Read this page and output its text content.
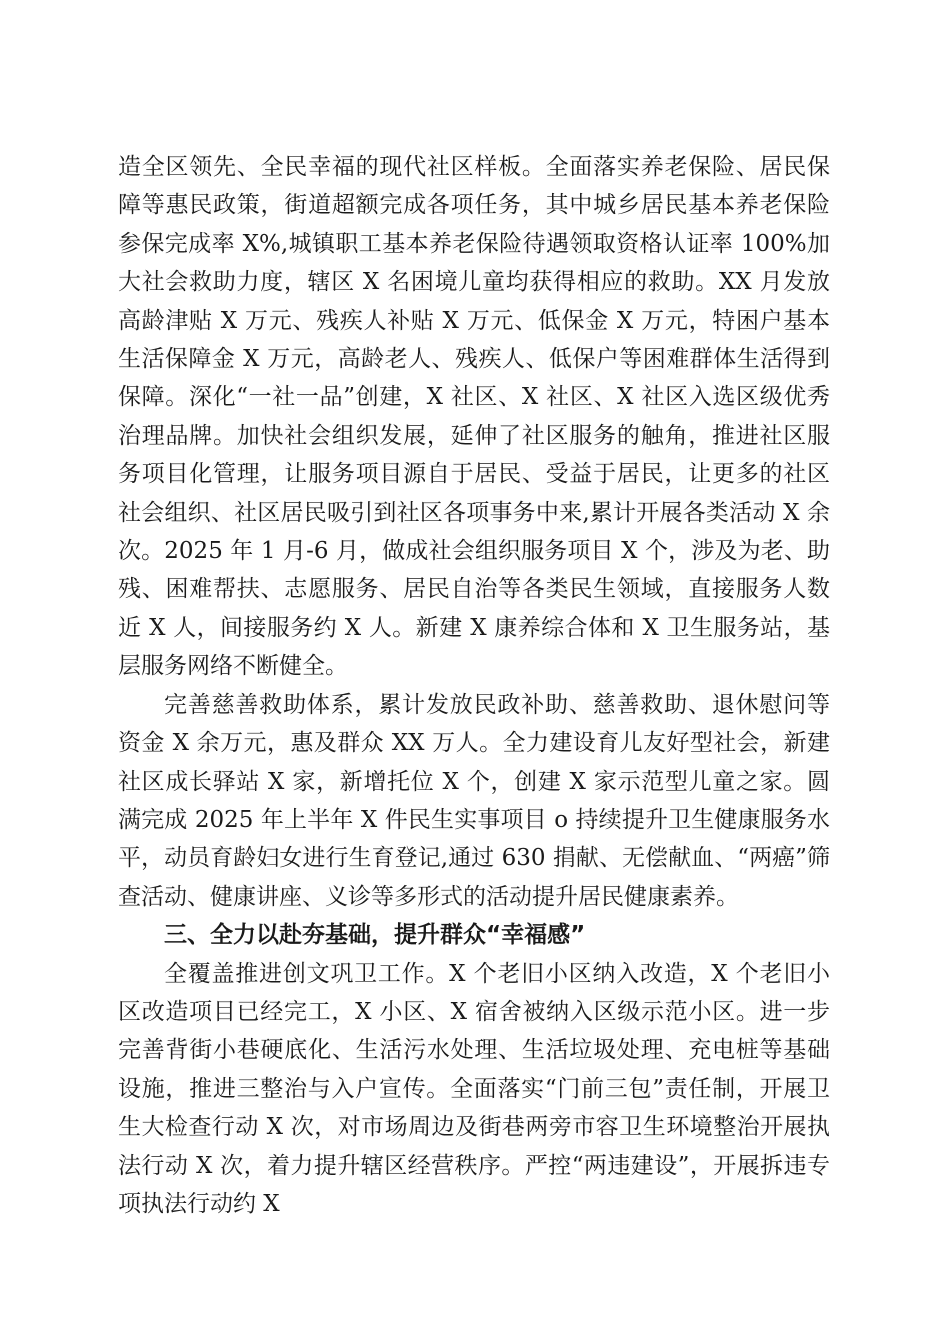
造全区领先、全民幸福的现代社区样板。全面落实养老保险、居民保障等惠民政策，街道超额完成各项任务，其中城乡居民基本养老保险参保完成率 X%,城镇职工基本养老保险待遇领取资格认证率 100%加大社会救助力度，辖区 X 名困境儿童均获得相应的救助。XX 月发放高龄津贴 X 万元、残疾人补贴 X 万元、低保金 X 万元，特困户基本生活保障金 X 万元，高龄老人、残疾人、低保户等困难群体生活得到保障。深化“一社一品”创建，X 社区、X 社区、X 社区入选区级优秀治理品牌。加快社会组织发展，延伸了社区服务的触角，推进社区服务项目化管理，让服务项目源自于居民、受益于居民，让更多的社区社会组织、社区居民吸引到社区各项事务中来,累计开展各类活动 X 余次。2025 年 1 月-6 月，做成社会组织服务项目 X 个，涉及为老、助残、困难帮扶、志愿服务、居民自治等各类民生领域，直接服务人数近 X 人，间接服务约 X 人。新建 X 康养综合体和 X 卫生服务站，基层服务网络不断健全。

完善慈善救助体系，累计发放民政补助、慈善救助、退休慰问等资金 X 余万元，惠及群众 XX 万人。全力建设育儿友好型社会，新建社区成长驿站 X 家，新增托位 X 个，创建 X 家示范型儿童之家。圆满完成 2025 年上半年 X 件民生实事项目 o 持续提升卫生健康服务水平，动员育龄妇女进行生育登记,通过 630 捐献、无偿献血、“两癌”筛查活动、健康讲座、义诊等多形式的活动提升居民健康素养。

三、全力以赴夯基础，提升群众“幸福感”

全覆盖推进创文巩卫工作。X 个老旧小区纳入改造，X 个老旧小区改造项目已经完工，X 小区、X 宿舍被纳入区级示范小区。进一步完善背街小巷硬底化、生活污水处理、生活垃圾处理、充电桩等基础设施，推进三整治与入户宣传。全面落实“门前三包”责任制，开展卫生大检查行动 X 次，对市场周边及街巷两旁市容卫生环境整治开展执法行动 X 次，着力提升辖区经营秩序。严控“两违建设”，开展拆违专项执法行动约 X
